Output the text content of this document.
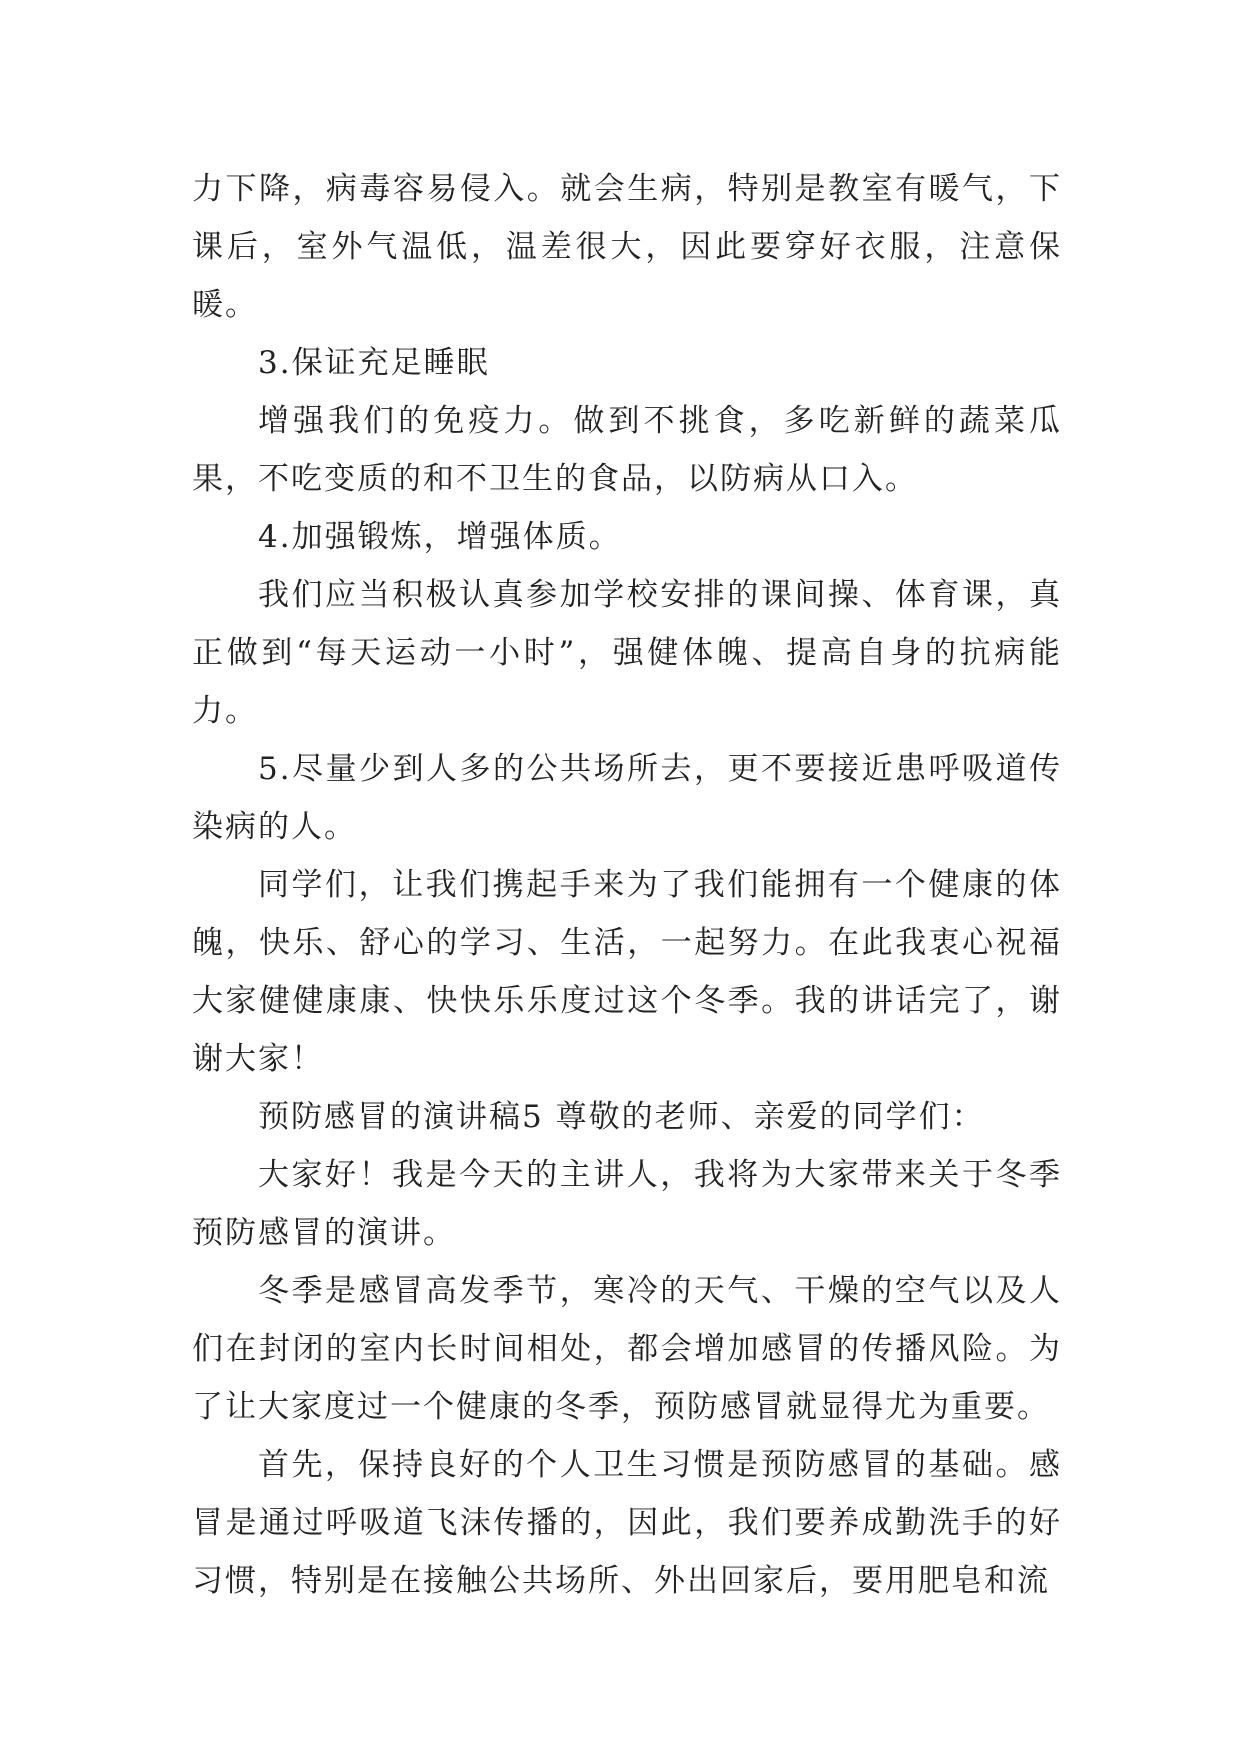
力下降，病毒容易侵入。就会生病，特别是教室有暖气，下课后，室外气温低，温差很大，因此要穿好衣服，注意保暖。

3.保证充足睡眠

增强我们的免疫力。做到不挑食，多吃新鲜的蔬菜瓜果，不吃变质的和不卫生的食品，以防病从口入。

4.加强锻炼，增强体质。

我们应当积极认真参加学校安排的课间操、体育课，真正做到“每天运动一小时”，强健体魄、提高自身的抗病能力。

5.尽量少到人多的公共场所去，更不要接近患呼吸道传染病的人。

同学们，让我们携起手来为了我们能拥有一个健康的体魄，快乐、舒心的学习、生活，一起努力。在此我衷心祝福大家健健康康、快快乐乐度过这个冬季。我的讲话完了，谢谢大家！

预防感冒的演讲稿5 尊敬的老师、亲爱的同学们：

大家好！我是今天的主讲人，我将为大家带来关于冬季预防感冒的演讲。

冬季是感冒高发季节，寒冷的天气、干燥的空气以及人们在封闭的室内长时间相处，都会增加感冒的传播风险。为了让大家度过一个健康的冬季，预防感冒就显得尤为重要。

首先，保持良好的个人卫生习惯是预防感冒的基础。感冒是通过呼吸道飞沫传播的，因此，我们要养成勤洗手的好习惯，特别是在接触公共场所、外出回家后，要用肥皂和流
